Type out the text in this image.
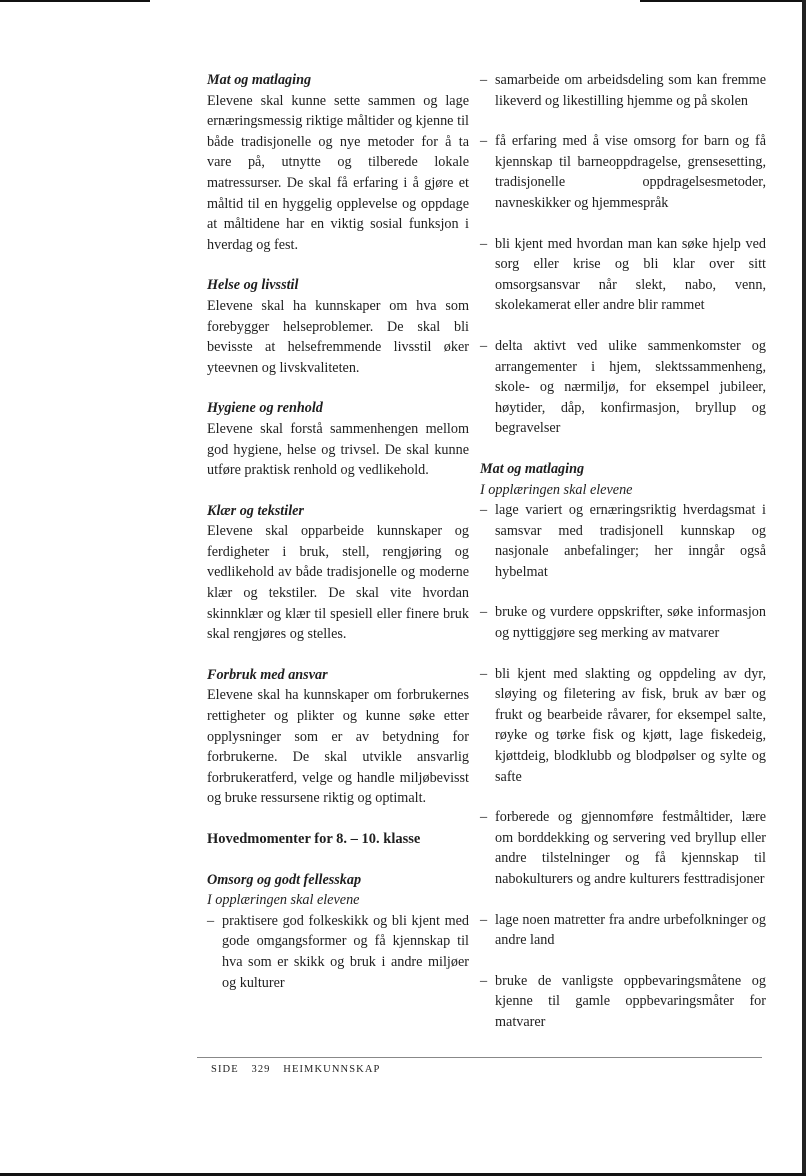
Mat og matlaging
Elevene skal kunne sette sammen og lage ernæringsmessig riktige måltider og kjenne til både tradisjonelle og nye metoder for å ta vare på, utnytte og tilberede lokale matressurser. De skal få erfaring i å gjøre et måltid til en hyggelig opplevelse og oppdage at måltidene har en viktig sosial funksjon i hverdag og fest.
Helse og livsstil
Elevene skal ha kunnskaper om hva som forebygger helseproblemer. De skal bli bevisste at helsefremmende livsstil øker yteevnen og livskvaliteten.
Hygiene og renhold
Elevene skal forstå sammenhengen mellom god hygiene, helse og trivsel. De skal kunne utføre praktisk renhold og vedlikehold.
Klær og tekstiler
Elevene skal opparbeide kunnskaper og ferdigheter i bruk, stell, rengjøring og vedlikehold av både tradisjonelle og moderne klær og tekstiler. De skal vite hvordan skinnklær og klær til spesiell eller finere bruk skal rengjøres og stelles.
Forbruk med ansvar
Elevene skal ha kunnskaper om forbrukernes rettigheter og plikter og kunne søke etter opplysninger som er av betydning for forbrukerne. De skal utvikle ansvarlig forbrukeratferd, velge og handle miljøbevisst og bruke ressursene riktig og optimalt.
Hovedmomenter for 8. – 10. klasse
Omsorg og godt fellesskap
I opplæringen skal elevene
– praktisere god folkeskikk og bli kjent med gode omgangsformer og få kjennskap til hva som er skikk og bruk i andre miljøer og kulturer
– samarbeide om arbeidsdeling som kan fremme likeverd og likestilling hjemme og på skolen
– få erfaring med å vise omsorg for barn og få kjennskap til barneoppdragelse, grensesetting, tradisjonelle oppdragelsesmetoder, navneskikker og hjemmespråk
– bli kjent med hvordan man kan søke hjelp ved sorg eller krise og bli klar over sitt omsorgsansvar når slekt, nabo, venn, skolekamerat eller andre blir rammet
– delta aktivt ved ulike sammenkomster og arrangementer i hjem, slektssammenheng, skole- og nærmiljø, for eksempel jubileer, høytider, dåp, konfirmasjon, bryllup og begravelser
Mat og matlaging
I opplæringen skal elevene
– lage variert og ernæringsriktig hverdagsmat i samsvar med tradisjonell kunnskap og nasjonale anbefalinger; her inngår også hybelmat
– bruke og vurdere oppskrifter, søke informasjon og nyttiggjøre seg merking av matvarer
– bli kjent med slakting og oppdeling av dyr, sløying og filetering av fisk, bruk av bær og frukt og bearbeide råvarer, for eksempel salte, røyke og tørke fisk og kjøtt, lage fiskedeig, kjøttdeig, blodklubb og blodpølser og sylte og safte
– forberede og gjennomføre festmåltider, lære om borddekking og servering ved bryllup eller andre tilstelninger og få kjennskap til nabokulturers og andre kulturers festtradisjoner
– lage noen matretter fra andre urbefolkninger og andre land
– bruke de vanligste oppbevaringsmåtene og kjenne til gamle oppbevaringsmåter for matvarer
SIDE 329 HEIMKUNNSKAP
